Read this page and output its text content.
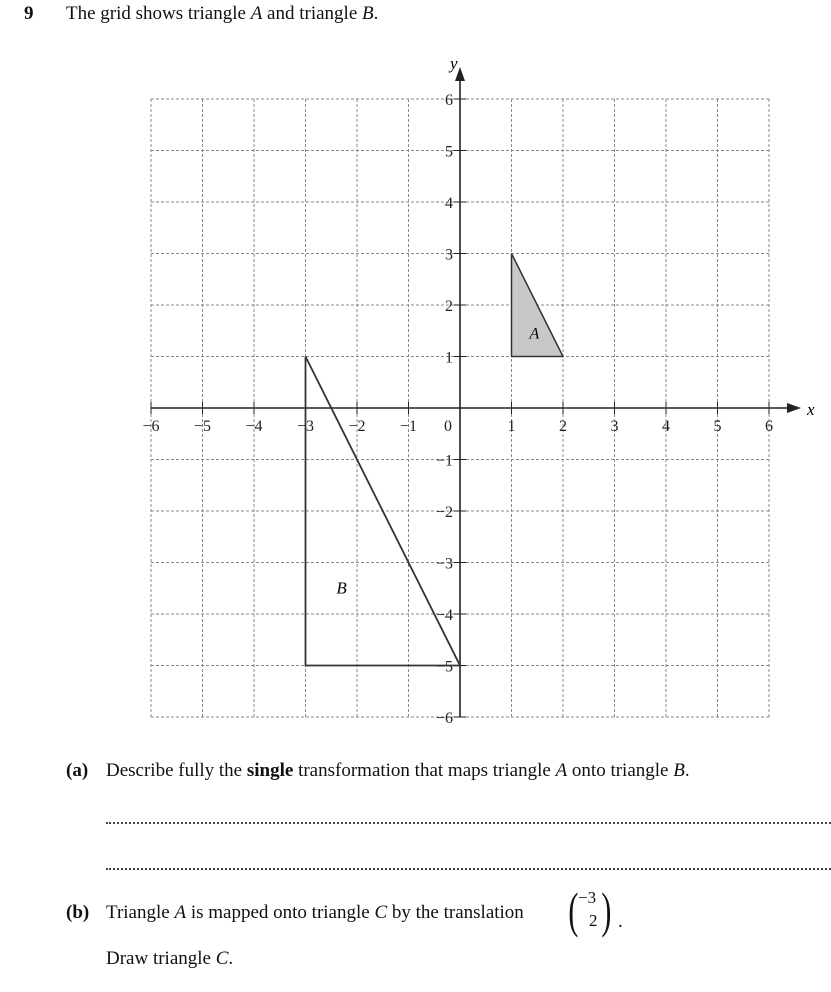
9 The grid shows triangle A and triangle B.
x
y
A
B
−6 −5 −4 −3 −2 −1	1	2	3	4	5	6
6
5
4
3
2
1
−1
−2
−3
−4
−5
−6
0
(a) Describe fully the single transformation that maps triangle A onto triangle B.
(b) Triangle A is mapped onto triangle C by the translation ( −3
2 ) .
Draw triangle C.
